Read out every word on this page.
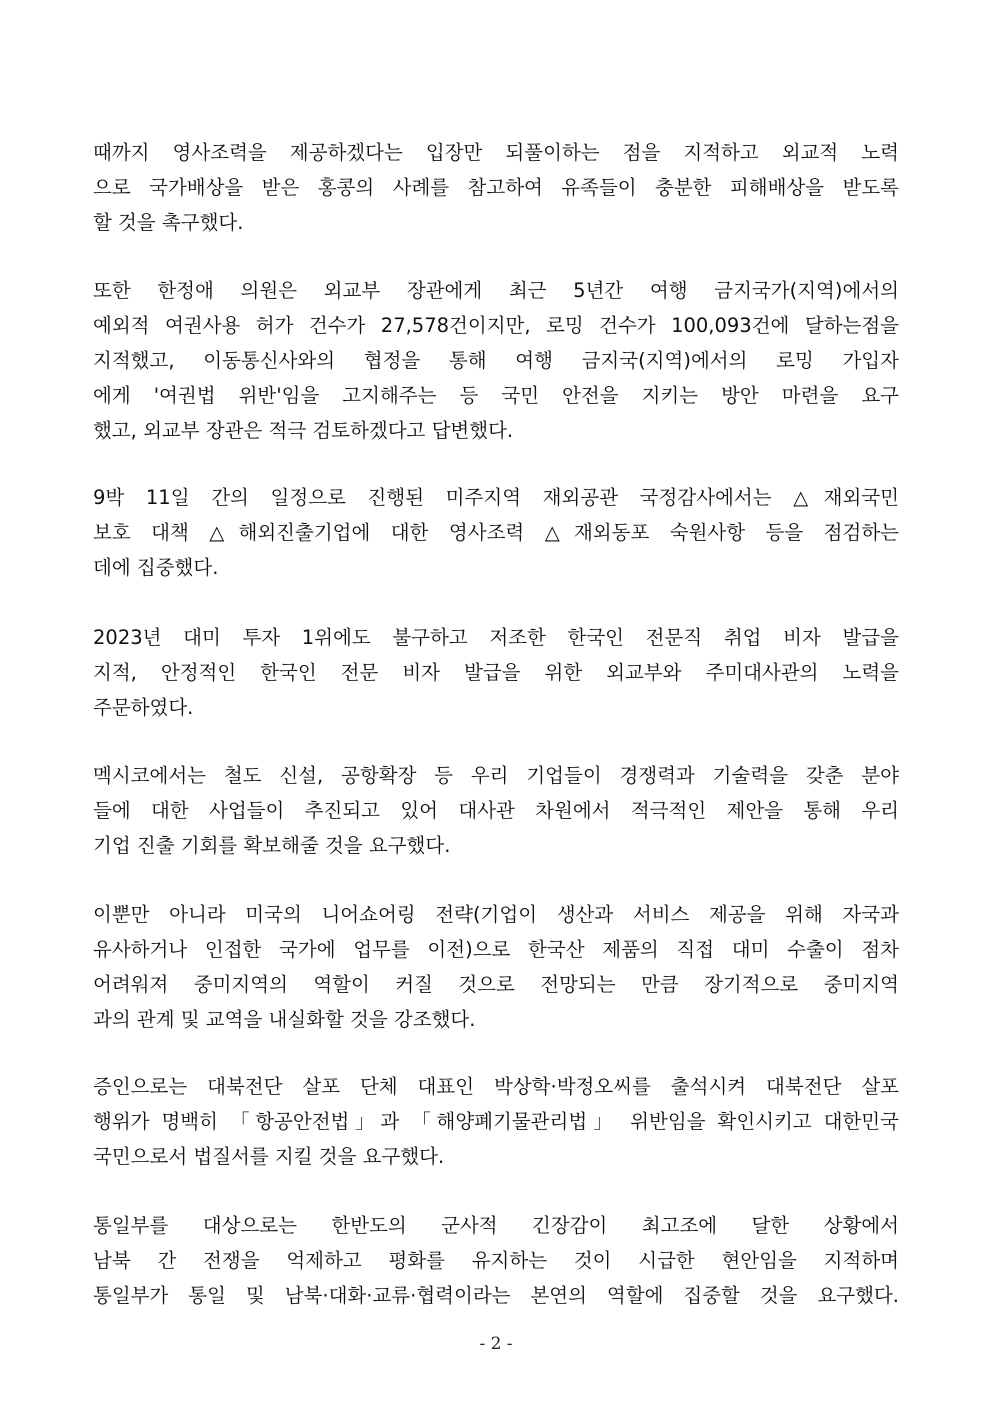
때까지 영사조력을 제공하겠다는 입장만 되풀이하는 점을 지적하고 외교적 노력
으로 국가배상을 받은 홍콩의 사례를 참고하여 유족들이 충분한 피해배상을 받도록
할 것을 촉구했다.
또한 한정애 의원은 외교부 장관에게 최근 5년간 여행 금지국가(지역)에서의
예외적 여권사용 허가 건수가 27,578건이지만, 로밍 건수가 100,093건에 달하는점을
지적했고, 이동통신사와의 협정을 통해 여행 금지국(지역)에서의 로밍 가입자
에게 '여권법 위반'임을 고지해주는 등 국민 안전을 지키는 방안 마련을 요구
했고, 외교부 장관은 적극 검토하겠다고 답변했다.
9박 11일 간의 일정으로 진행된 미주지역 재외공관 국정감사에서는 △재외국민
보호 대책 △해외진출기업에 대한 영사조력 △재외동포 숙원사항 등을 점검하는
데에 집중했다.
2023년 대미 투자 1위에도 불구하고 저조한 한국인 전문직 취업 비자 발급을
지적, 안정적인 한국인 전문 비자 발급을 위한 외교부와 주미대사관의 노력을
주문하였다.
멕시코에서는 철도 신설, 공항확장 등 우리 기업들이 경쟁력과 기술력을 갖춘 분야
들에 대한 사업들이 추진되고 있어 대사관 차원에서 적극적인 제안을 통해 우리
기업 진출 기회를 확보해줄 것을 요구했다.
이뿐만 아니라 미국의 니어쇼어링 전략(기업이 생산과 서비스 제공을 위해 자국과
유사하거나 인접한 국가에 업무를 이전)으로 한국산 제품의 직접 대미 수출이 점차
어려워져 중미지역의 역할이 커질 것으로 전망되는 만큼 장기적으로 중미지역
과의 관계 및 교역을 내실화할 것을 강조했다.
증인으로는 대북전단 살포 단체 대표인 박상학·박정오씨를 출석시켜 대북전단 살포
행위가 명백히 「항공안전법」과 「해양폐기물관리법」 위반임을 확인시키고 대한민국
국민으로서 법질서를 지킬 것을 요구했다.
통일부를 대상으로는 한반도의 군사적 긴장감이 최고조에 달한 상황에서
남북 간 전쟁을 억제하고 평화를 유지하는 것이 시급한 현안임을 지적하며
통일부가 통일 및 남북·대화·교류·협력이라는 본연의 역할에 집중할 것을 요구했다.
- 2 -
